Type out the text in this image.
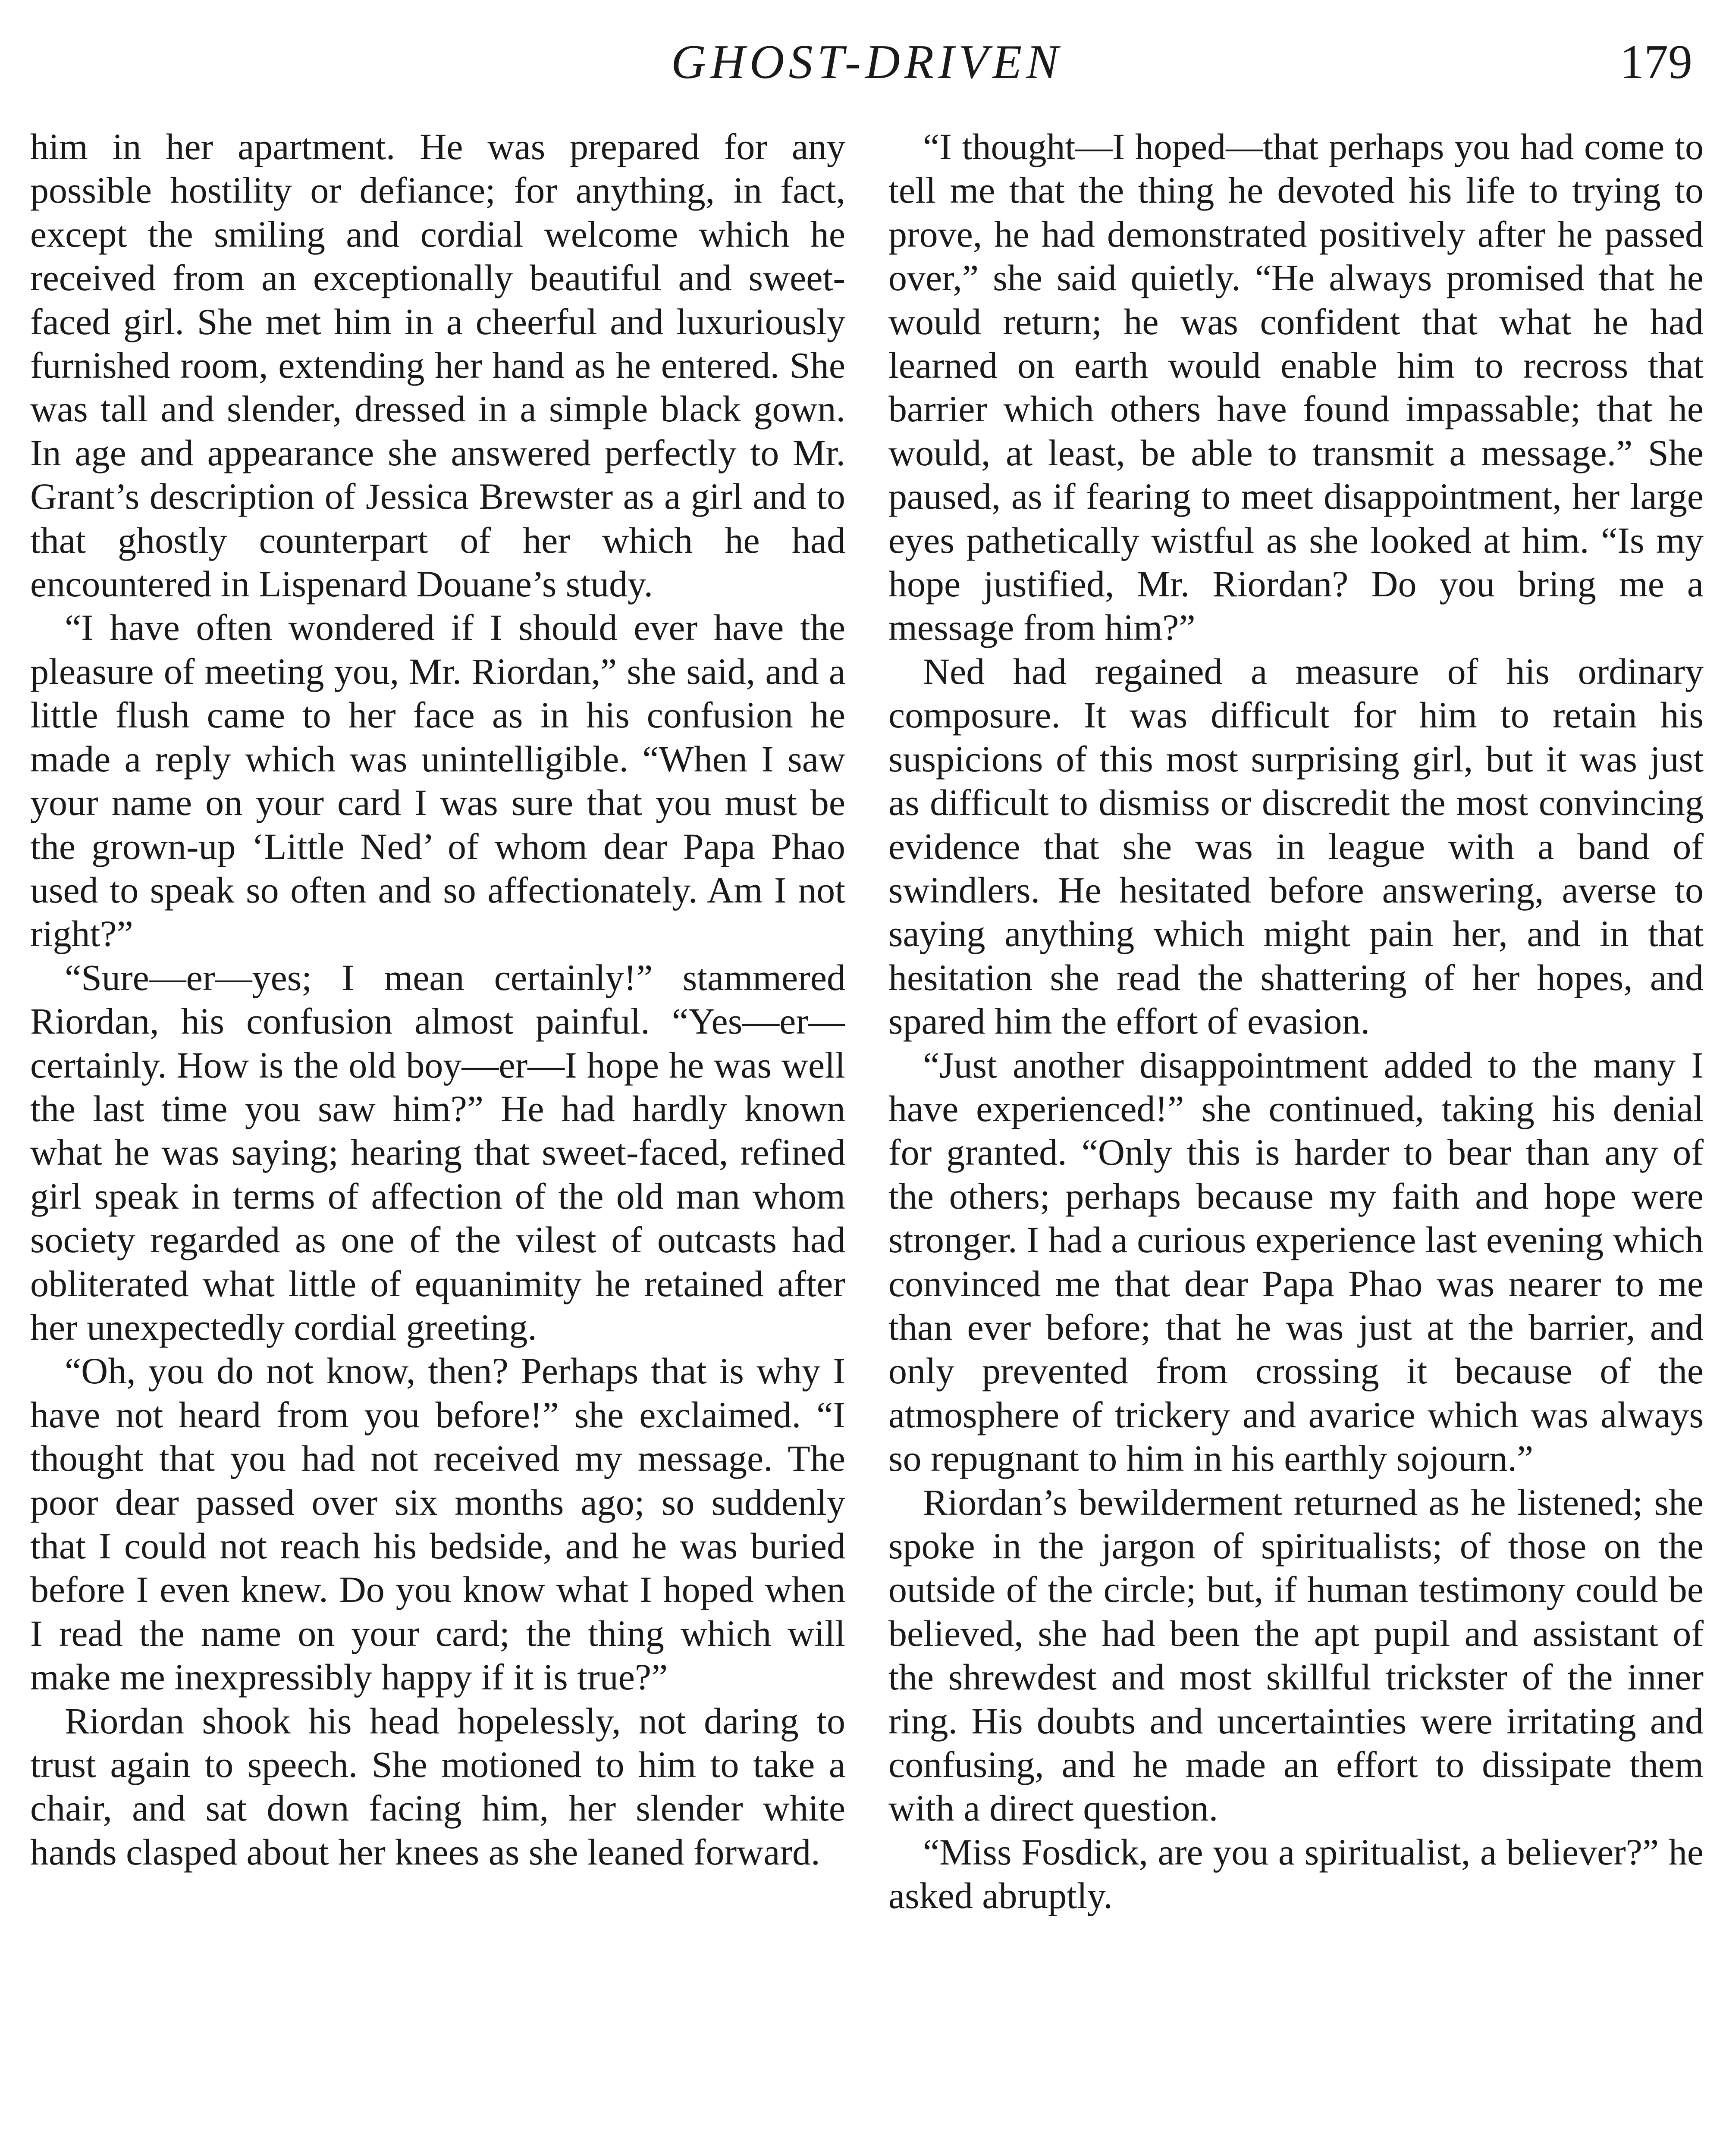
GHOST-DRIVEN	179

him in her apartment. He was prepared for any possible hostility or defiance; for anything, in fact, except the smiling and cordial welcome which he received from an exceptionally beautiful and sweet-faced girl. She met him in a cheerful and luxuriously furnished room, extending her hand as he entered. She was tall and slender, dressed in a simple black gown. In age and appearance she answered perfectly to Mr. Grant’s description of Jessica Brewster as a girl and to that ghostly counterpart of her which he had encountered in Lispenard Douane’s study.

“I have often wondered if I should ever have the pleasure of meeting you, Mr. Riordan,” she said, and a little flush came to her face as in his confusion he made a reply which was unintelligible. “When I saw your name on your card I was sure that you must be the grown-up ‘Little Ned’ of whom dear Papa Phao used to speak so often and so affectionately. Am I not right?”

“Sure—er—yes; I mean certainly!” stammered Riordan, his confusion almost painful. “Yes—er—certainly. How is the old boy—er—I hope he was well the last time you saw him?” He had hardly known what he was saying; hearing that sweet-faced, refined girl speak in terms of affection of the old man whom society regarded as one of the vilest of outcasts had obliterated what little of equanimity he retained after her unexpectedly cordial greeting.

“Oh, you do not know, then? Perhaps that is why I have not heard from you before!” she exclaimed. “I thought that you had not received my message. The poor dear passed over six months ago; so suddenly that I could not reach his bedside, and he was buried before I even knew. Do you know what I hoped when I read the name on your card; the thing which will make me inexpressibly happy if it is true?”

Riordan shook his head hopelessly, not daring to trust again to speech. She motioned to him to take a chair, and sat down facing him, her slender white hands clasped about her knees as she leaned forward.

“I thought—I hoped—that perhaps you had come to tell me that the thing he devoted his life to trying to prove, he had demonstrated positively after he passed over,” she said quietly. “He always promised that he would return; he was confident that what he had learned on earth would enable him to recross that barrier which others have found impassable; that he would, at least, be able to transmit a message.” She paused, as if fearing to meet disappointment, her large eyes pathetically wistful as she looked at him. “Is my hope justified, Mr. Riordan? Do you bring me a message from him?”

Ned had regained a measure of his ordinary composure. It was difficult for him to retain his suspicions of this most surprising girl, but it was just as difficult to dismiss or discredit the most convincing evidence that she was in league with a band of swindlers. He hesitated before answering, averse to saying anything which might pain her, and in that hesitation she read the shattering of her hopes, and spared him the effort of evasion.

“Just another disappointment added to the many I have experienced!” she continued, taking his denial for granted. “Only this is harder to bear than any of the others; perhaps because my faith and hope were stronger. I had a curious experience last evening which convinced me that dear Papa Phao was nearer to me than ever before; that he was just at the barrier, and only prevented from crossing it because of the atmosphere of trickery and avarice which was always so repugnant to him in his earthly sojourn.”

Riordan’s bewilderment returned as he listened; she spoke in the jargon of spiritualists; of those on the outside of the circle; but, if human testimony could be believed, she had been the apt pupil and assistant of the shrewdest and most skillful trickster of the inner ring. His doubts and uncertainties were irritating and confusing, and he made an effort to dissipate them with a direct question.

“Miss Fosdick, are you a spiritualist, a believer?” he asked abruptly.
